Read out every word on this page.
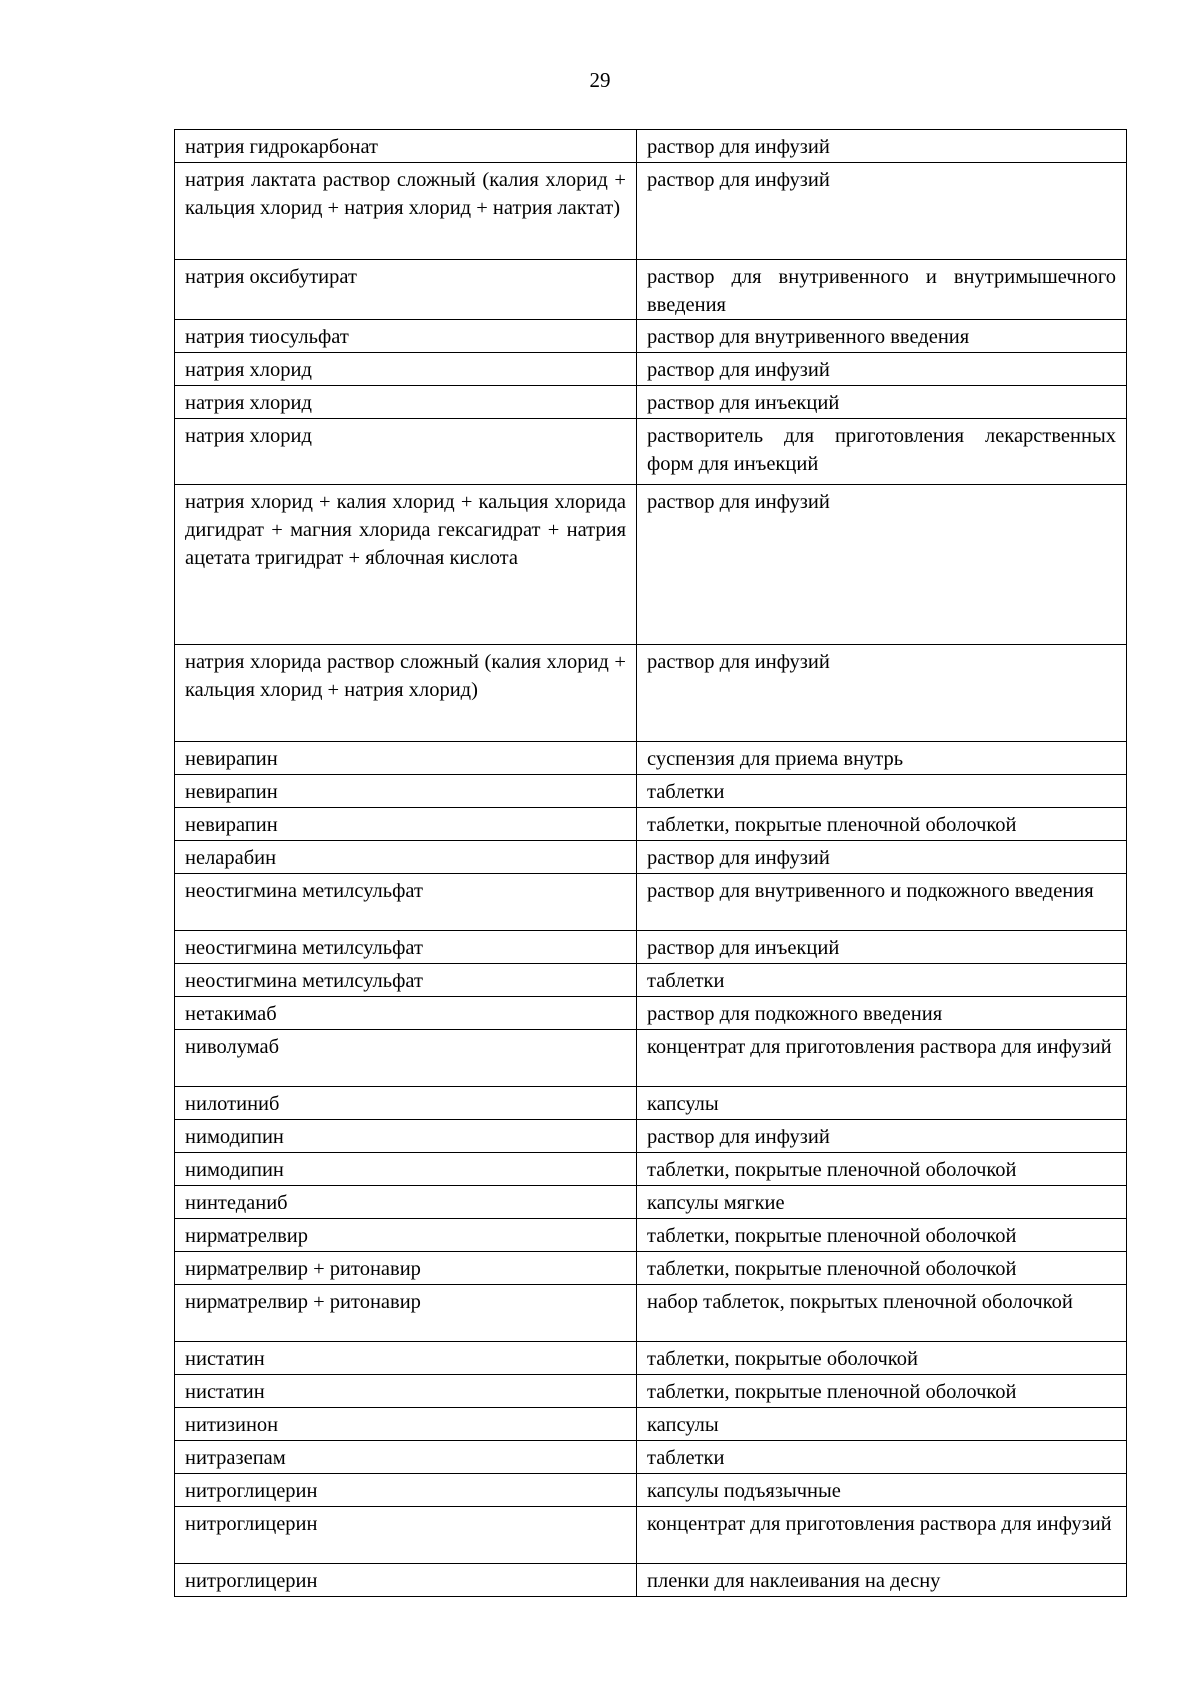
29
натрия гидрокарбонат	раствор для инфузий
натрия лактата раствор сложный (калия хлорид + кальция хлорид + натрия хлорид + натрия лактат)	раствор для инфузий
натрия оксибутират	раствор для внутривенного и внутримышечного введения
натрия тиосульфат	раствор для внутривенного введения
натрия хлорид	раствор для инфузий
натрия хлорид	раствор для инъекций
натрия хлорид	растворитель для приготовления лекарственных форм для инъекций
натрия хлорид + калия хлорид + кальция хлорида дигидрат + магния хлорида гексагидрат + натрия ацетата тригидрат + яблочная кислота	раствор для инфузий
натрия хлорида раствор сложный (калия хлорид + кальция хлорид + натрия хлорид)	раствор для инфузий
невирапин	суспензия для приема внутрь
невирапин	таблетки
невирапин	таблетки, покрытые пленочной оболочкой
неларабин	раствор для инфузий
неостигмина метилсульфат	раствор для внутривенного и подкожного введения
неостигмина метилсульфат	раствор для инъекций
неостигмина метилсульфат	таблетки
нетакимаб	раствор для подкожного введения
ниволумаб	концентрат для приготовления раствора для инфузий
нилотиниб	капсулы
нимодипин	раствор для инфузий
нимодипин	таблетки, покрытые пленочной оболочкой
нинтеданиб	капсулы мягкие
нирматрелвир	таблетки, покрытые пленочной оболочкой
нирматрелвир + ритонавир	таблетки, покрытые пленочной оболочкой
нирматрелвир + ритонавир	набор таблеток, покрытых пленочной оболочкой
нистатин	таблетки, покрытые оболочкой
нистатин	таблетки, покрытые пленочной оболочкой
нитизинон	капсулы
нитразепам	таблетки
нитроглицерин	капсулы подъязычные
нитроглицерин	концентрат для приготовления раствора для инфузий
нитроглицерин	пленки для наклеивания на десну
